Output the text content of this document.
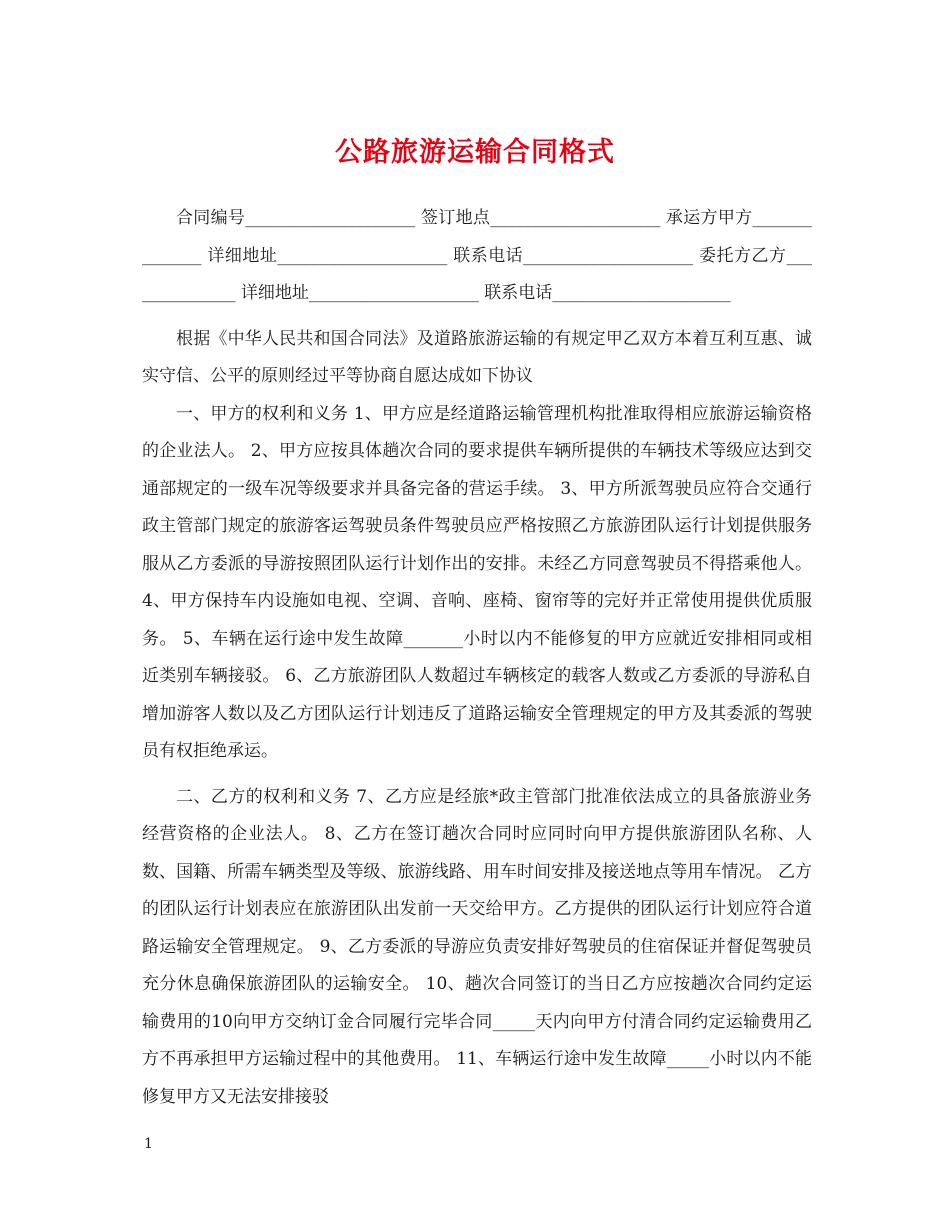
公路旅游运输合同格式

合同编号____________________ 签订地点____________________ 承运方甲方______________ 详细地址____________________ 联系电话____________________ 委托方乙方______________ 详细地址____________________ 联系电话_____________________

根据《中华人民共和国合同法》及道路旅游运输的有规定甲乙双方本着互利互惠、诚实守信、公平的原则经过平等协商自愿达成如下协议

一、甲方的权利和义务 1、甲方应是经道路运输管理机构批准取得相应旅游运输资格的企业法人。 2、甲方应按具体趟次合同的要求提供车辆所提供的车辆技术等级应达到交通部规定的一级车况等级要求并具备完备的营运手续。 3、甲方所派驾驶员应符合交通行政主管部门规定的旅游客运驾驶员条件驾驶员应严格按照乙方旅游团队运行计划提供服务服从乙方委派的导游按照团队运行计划作出的安排。未经乙方同意驾驶员不得搭乘他人。 4、甲方保持车内设施如电视、空调、音响、座椅、窗帘等的完好并正常使用提供优质服务。 5、车辆在运行途中发生故障_______小时以内不能修复的甲方应就近安排相同或相近类别车辆接驳。 6、乙方旅游团队人数超过车辆核定的载客人数或乙方委派的导游私自增加游客人数以及乙方团队运行计划违反了道路运输安全管理规定的甲方及其委派的驾驶员有权拒绝承运。

二、乙方的权利和义务 7、乙方应是经旅*政主管部门批准依法成立的具备旅游业务经营资格的企业法人。 8、乙方在签订趟次合同时应同时向甲方提供旅游团队名称、人数、国籍、所需车辆类型及等级、旅游线路、用车时间安排及接送地点等用车情况。 乙方的团队运行计划表应在旅游团队出发前一天交给甲方。乙方提供的团队运行计划应符合道路运输安全管理规定。 9、乙方委派的导游应负责安排好驾驶员的住宿保证并督促驾驶员充分休息确保旅游团队的运输安全。 10、趟次合同签订的当日乙方应按趟次合同约定运输费用的10向甲方交纳订金合同履行完毕合同_____天内向甲方付清合同约定运输费用乙方不再承担甲方运输过程中的其他费用。 11、车辆运行途中发生故障_____小时以内不能修复甲方又无法安排接驳

1
